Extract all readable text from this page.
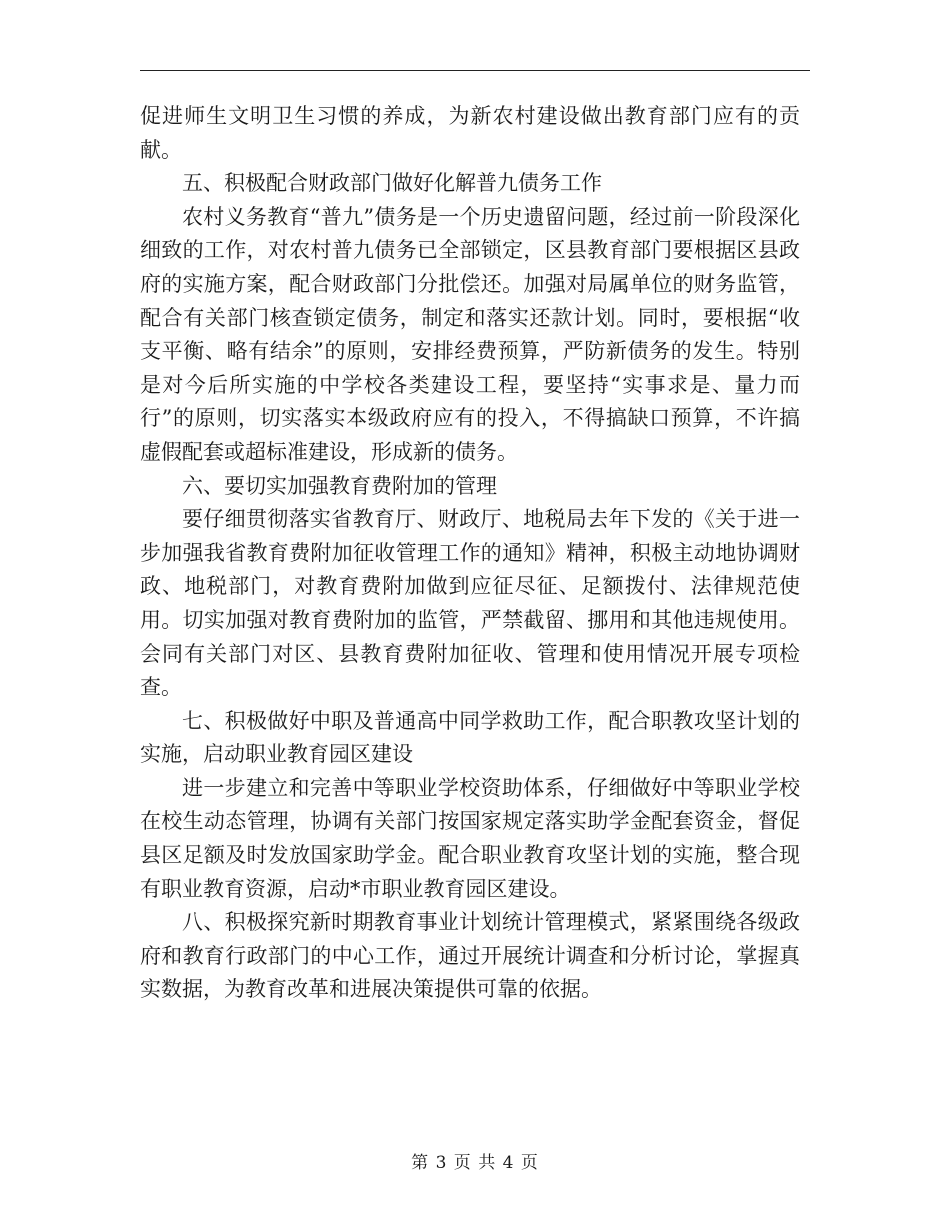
促进师生文明卫生习惯的养成，为新农村建设做出教育部门应有的贡献。

五、积极配合财政部门做好化解普九债务工作

农村义务教育“普九”债务是一个历史遗留问题，经过前一阶段深化细致的工作，对农村普九债务已全部锁定，区县教育部门要根据区县政府的实施方案，配合财政部门分批偿还。加强对局属单位的财务监管，配合有关部门核查锁定债务，制定和落实还款计划。同时，要根据“收支平衡、略有结余”的原则，安排经费预算，严防新债务的发生。特别是对今后所实施的中学校各类建设工程，要坚持“实事求是、量力而行”的原则，切实落实本级政府应有的投入，不得搞缺口预算，不许搞虚假配套或超标准建设，形成新的债务。

六、要切实加强教育费附加的管理

要仔细贯彻落实省教育厅、财政厅、地税局去年下发的《关于进一步加强我省教育费附加征收管理工作的通知》精神，积极主动地协调财政、地税部门，对教育费附加做到应征尽征、足额拨付、法律规范使用。切实加强对教育费附加的监管，严禁截留、挪用和其他违规使用。会同有关部门对区、县教育费附加征收、管理和使用情况开展专项检查。

七、积极做好中职及普通高中同学救助工作，配合职教攻坚计划的实施，启动职业教育园区建设

进一步建立和完善中等职业学校资助体系，仔细做好中等职业学校在校生动态管理，协调有关部门按国家规定落实助学金配套资金，督促县区足额及时发放国家助学金。配合职业教育攻坚计划的实施，整合现有职业教育资源，启动*市职业教育园区建设。

八、积极探究新时期教育事业计划统计管理模式，紧紧围绕各级政府和教育行政部门的中心工作，通过开展统计调查和分析讨论，掌握真实数据，为教育改革和进展决策提供可靠的依据。

第 3 页 共 4 页
